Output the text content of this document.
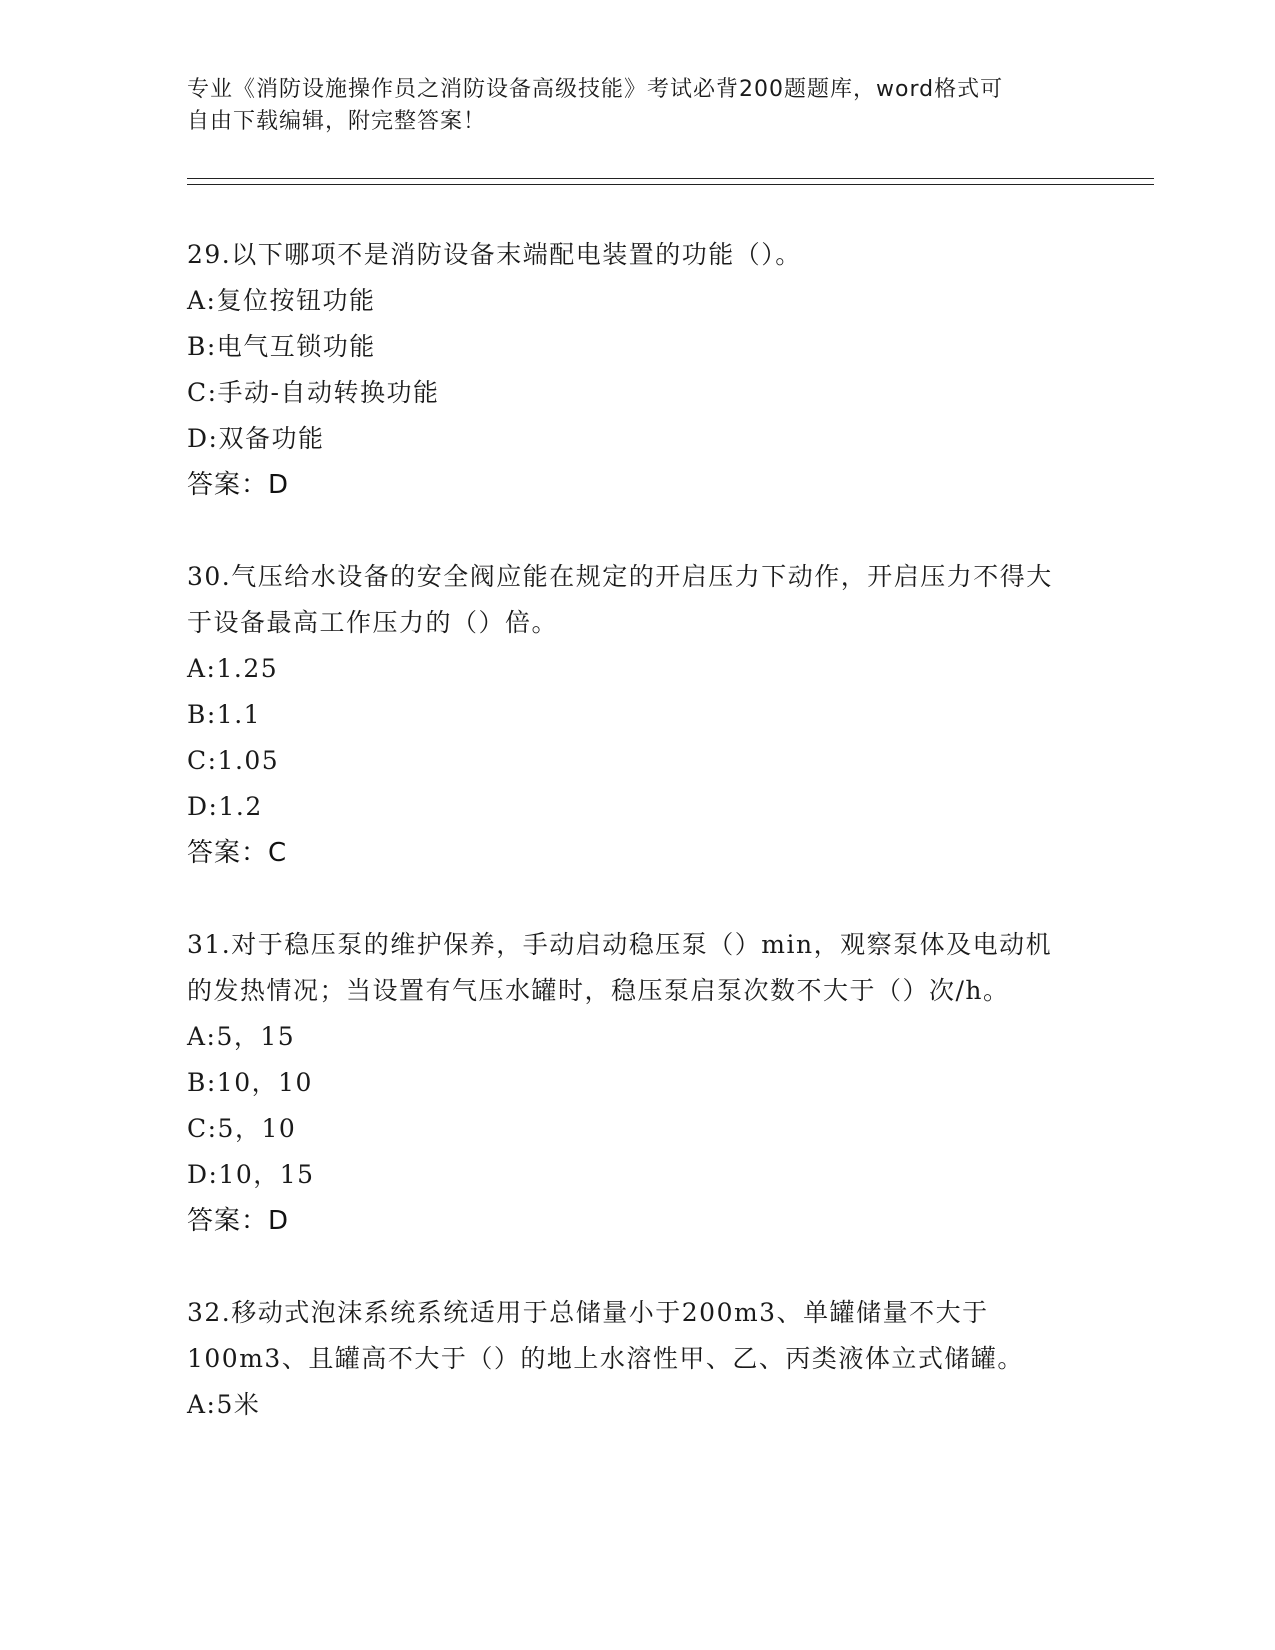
专业《消防设施操作员之消防设备高级技能》考试必背200题题库，word格式可
自由下载编辑，附完整答案！
29.以下哪项不是消防设备末端配电装置的功能（）。
A:复位按钮功能
B:电气互锁功能
C:手动-自动转换功能
D:双备功能
答案：D
30.气压给水设备的安全阀应能在规定的开启压力下动作，开启压力不得大于设备最高工作压力的（）倍。
A:1.25
B:1.1
C:1.05
D:1.2
答案：C
31.对于稳压泵的维护保养，手动启动稳压泵（）min，观察泵体及电动机的发热情况；当设置有气压水罐时，稳压泵启泵次数不大于（）次/h。
A:5，15
B:10，10
C:5，10
D:10，15
答案：D
32.移动式泡沫系统系统适用于总储量小于200m3、单罐储量不大于100m3、且罐高不大于（）的地上水溶性甲、乙、丙类液体立式储罐。
A:5米
